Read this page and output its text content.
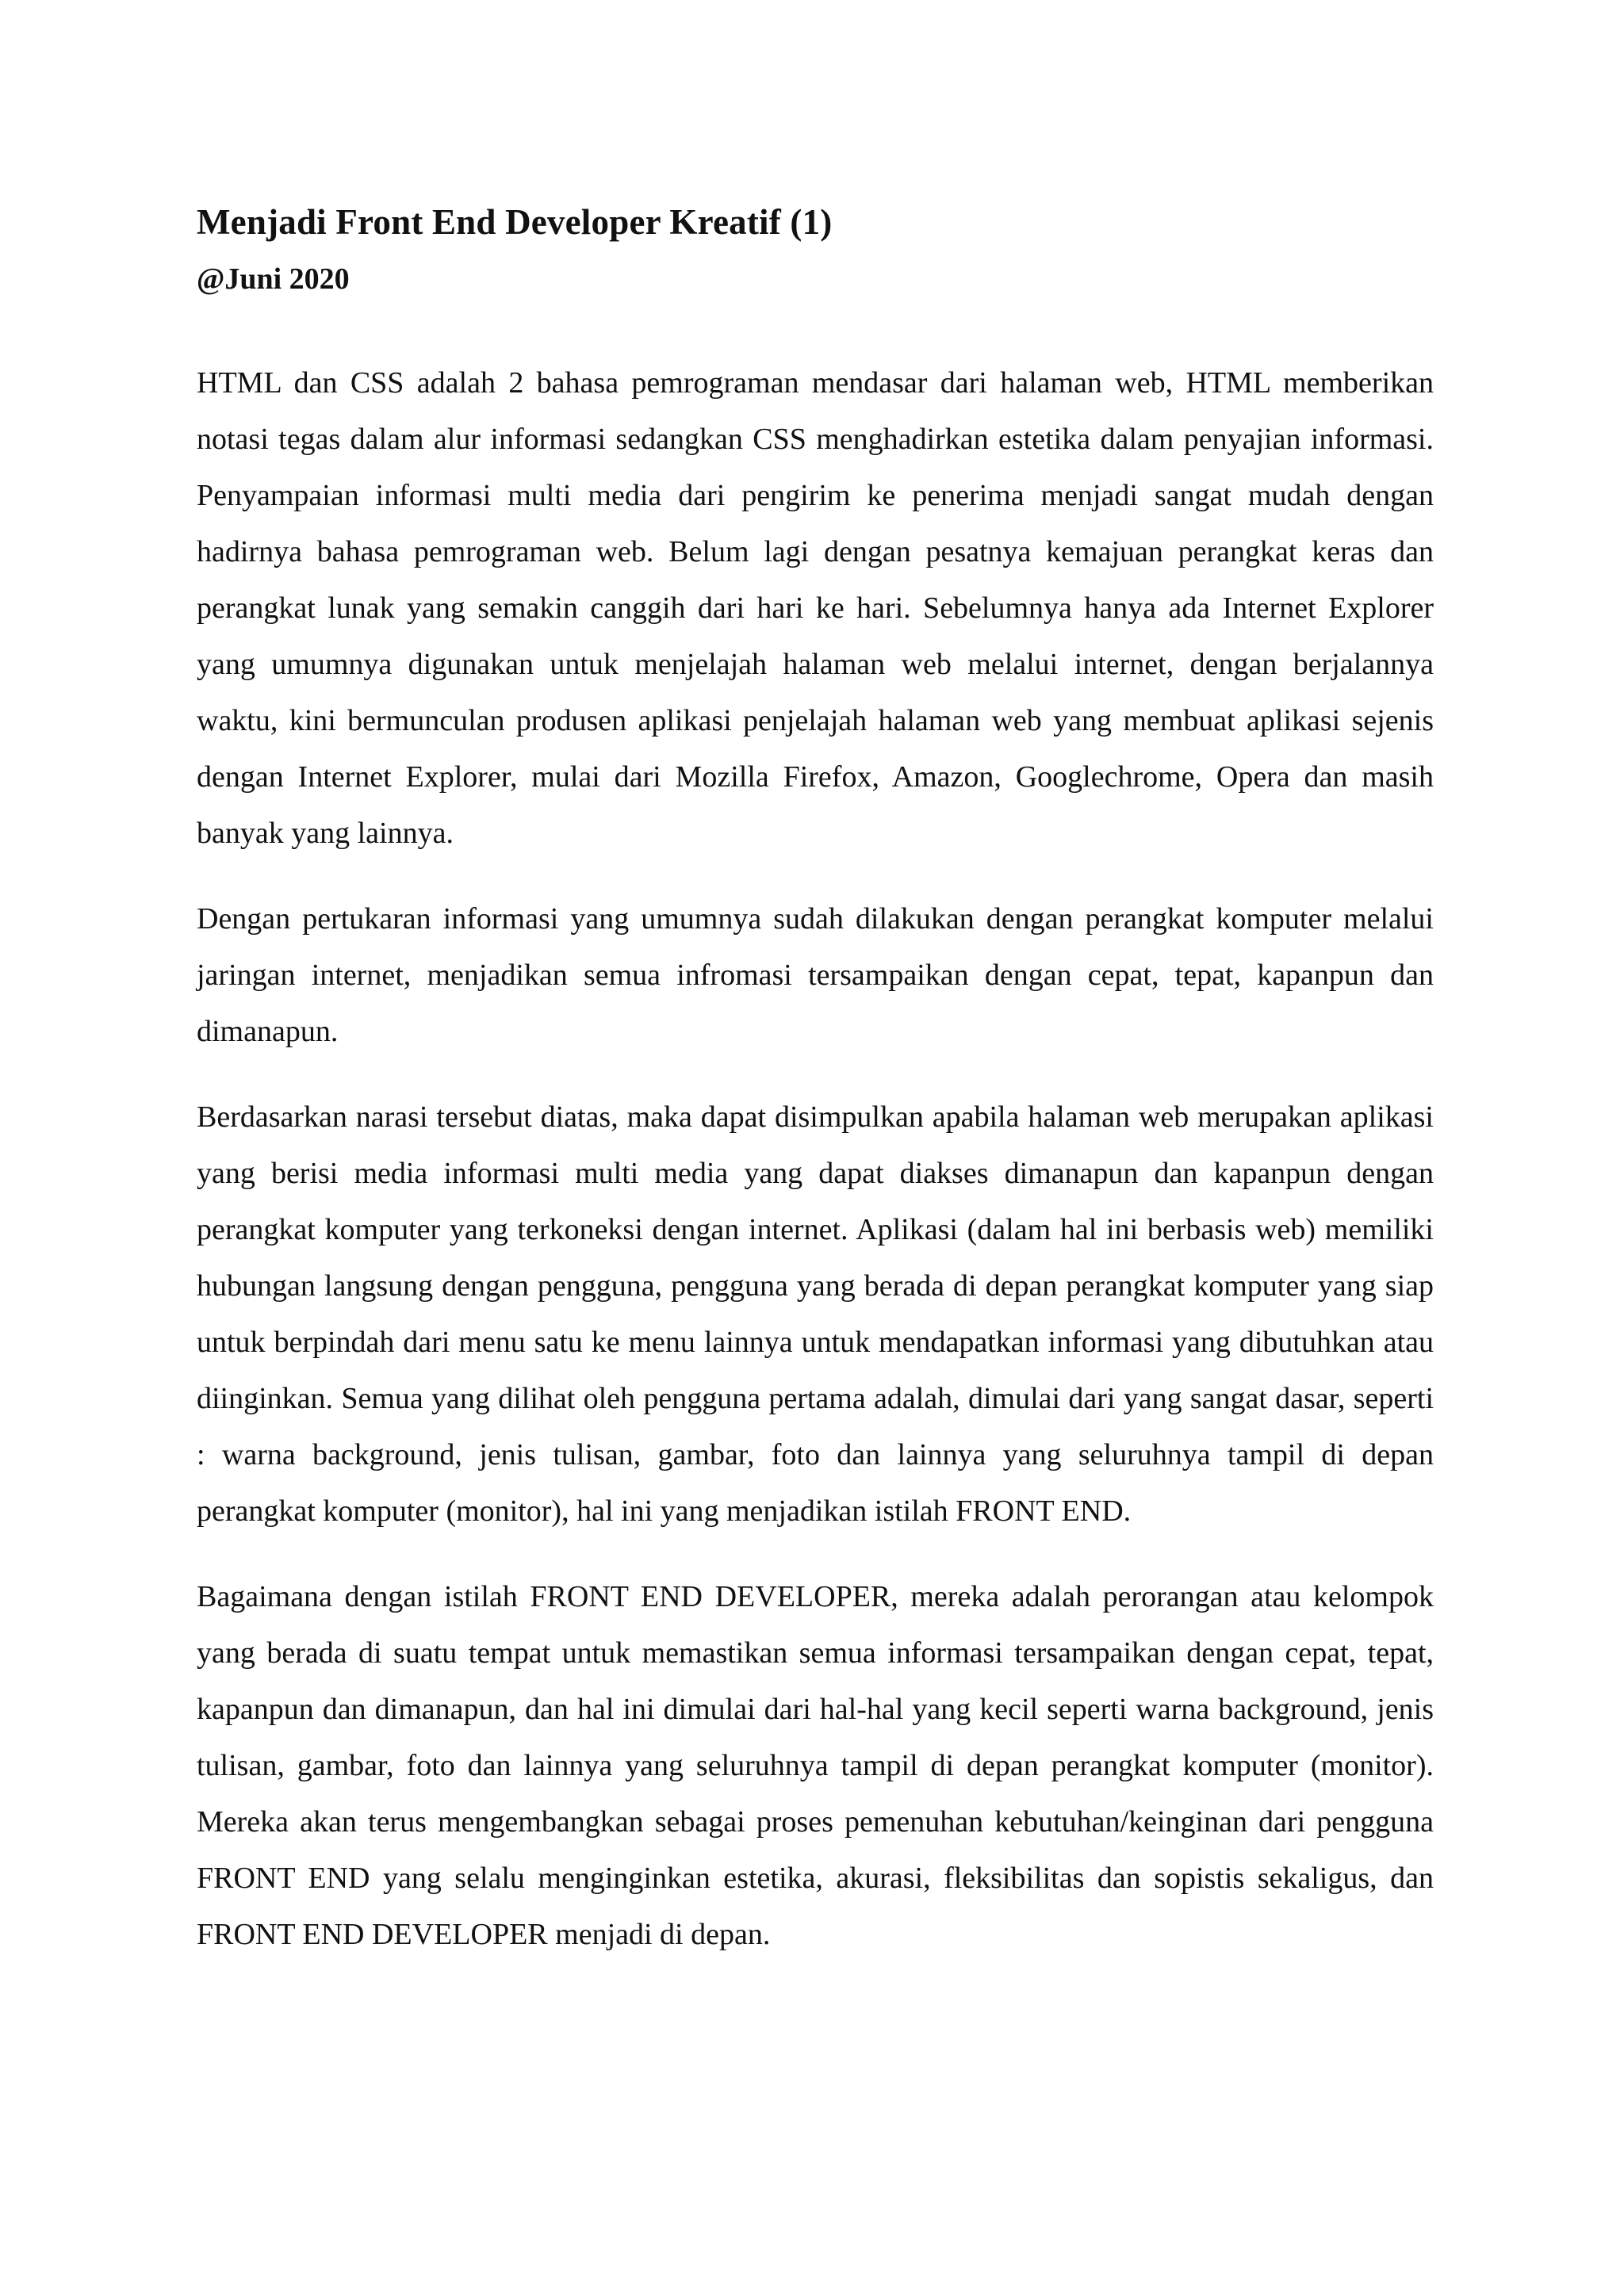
Menjadi Front End Developer Kreatif (1)
@Juni 2020

HTML dan CSS adalah 2 bahasa pemrograman mendasar dari halaman web, HTML memberikan notasi tegas dalam alur informasi sedangkan CSS menghadirkan estetika dalam penyajian informasi. Penyampaian informasi multi media dari pengirim ke penerima menjadi sangat mudah dengan hadirnya bahasa pemrograman web. Belum lagi dengan pesatnya kemajuan perangkat keras dan perangkat lunak yang semakin canggih dari hari ke hari. Sebelumnya hanya ada Internet Explorer yang umumnya digunakan untuk menjelajah halaman web melalui internet, dengan berjalannya waktu, kini bermunculan produsen aplikasi penjelajah halaman web yang membuat aplikasi sejenis dengan Internet Explorer, mulai dari Mozilla Firefox, Amazon, Googlechrome, Opera dan masih banyak yang lainnya.

Dengan pertukaran informasi yang umumnya sudah dilakukan dengan perangkat komputer melalui jaringan internet, menjadikan semua infromasi tersampaikan dengan cepat, tepat, kapanpun dan dimanapun.

Berdasarkan narasi tersebut diatas, maka dapat disimpulkan apabila halaman web merupakan aplikasi yang berisi media informasi multi media yang dapat diakses dimanapun dan kapanpun dengan perangkat komputer yang terkoneksi dengan internet. Aplikasi (dalam hal ini berbasis web) memiliki hubungan langsung dengan pengguna, pengguna yang berada di depan perangkat komputer yang siap untuk berpindah dari menu satu ke menu lainnya untuk mendapatkan informasi yang dibutuhkan atau diinginkan. Semua yang dilihat oleh pengguna pertama adalah, dimulai dari yang sangat dasar, seperti : warna background, jenis tulisan, gambar, foto dan lainnya yang seluruhnya tampil di depan perangkat komputer (monitor), hal ini yang menjadikan istilah FRONT END.

Bagaimana dengan istilah FRONT END DEVELOPER, mereka adalah perorangan atau kelompok yang berada di suatu tempat untuk memastikan semua informasi tersampaikan dengan cepat, tepat, kapanpun dan dimanapun, dan hal ini dimulai dari hal-hal yang kecil seperti warna background, jenis tulisan, gambar, foto dan lainnya yang seluruhnya tampil di depan perangkat komputer (monitor). Mereka akan terus mengembangkan sebagai proses pemenuhan kebutuhan/keinginan dari pengguna FRONT END yang selalu menginginkan estetika, akurasi, fleksibilitas dan sopistis sekaligus, dan FRONT END DEVELOPER menjadi di depan.
